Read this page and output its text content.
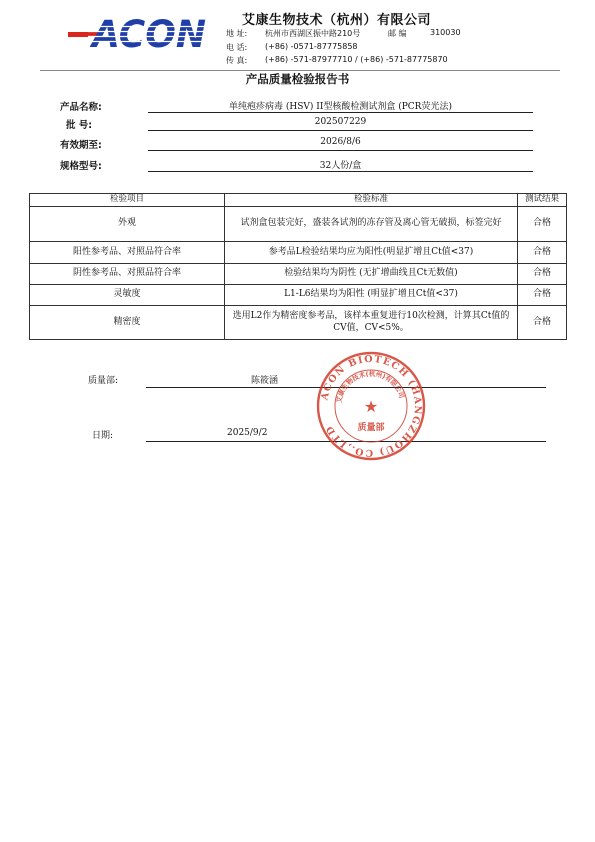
ACON	艾康生物技术（杭州）有限公司
地 址: 杭州市西湖区振中路210号	邮 编	310030
电 话: (+86) -0571-87775858
传 真: (+86) -571-87977710 / (+86) -571-87775870
产品质量检验报告书
产品名称:	单纯疱疹病毒 (HSV) II型核酸检测试剂盒 (PCR荧光法)
批 号:	202507229
有效期至:	2026/8/6
规格型号:	32人份/盒
检验项目	检验标准	测试结果
外观	试剂盒包装完好，盛装各试剂的冻存管及离心管无破损，标签完好	合格
阳性参考品、对照品符合率	参考品L检验结果均应为阳性(明显扩增且Ct值<37)	合格
阴性参考品、对照品符合率	检验结果均为阴性 (无扩增曲线且Ct无数值)	合格
灵敏度	L1-L6结果均为阳性 (明显扩增且Ct值<37)	合格
精密度	选用L2作为精密度参考品，该样本重复进行10次检测，计算其Ct值的CV值，CV<5%。	合格
质量部:	陈筱涵
日期:	2025/9/2
ACON BIOTECH (HANGZHOU) CO.,LTD
艾康生物技术(杭州)有限公司
★
质量部
